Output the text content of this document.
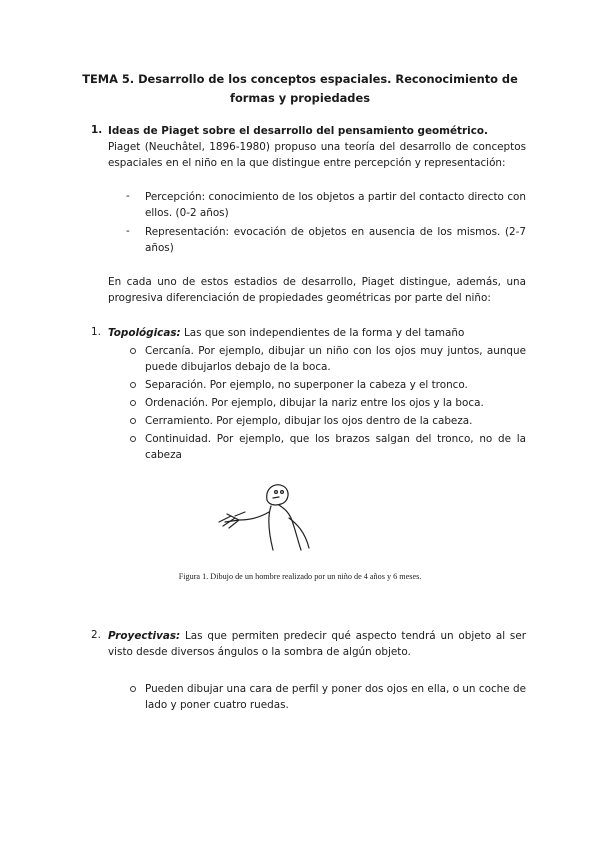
TEMA 5. Desarrollo de los conceptos espaciales. Reconocimiento de formas y propiedades
1. Ideas de Piaget sobre el desarrollo del pensamiento geométrico.
Piaget (Neuchâtel, 1896-1980) propuso una teoría del desarrollo de conceptos espaciales en el niño en la que distingue entre percepción y representación:
- Percepción: conocimiento de los objetos a partir del contacto directo con ellos. (0-2 años)
- Representación: evocación de objetos en ausencia de los mismos. (2-7 años)
En cada uno de estos estadios de desarrollo, Piaget distingue, además, una progresiva diferenciación de propiedades geométricas por parte del niño:
1. Topológicas: Las que son independientes de la forma y del tamaño
Cercanía. Por ejemplo, dibujar un niño con los ojos muy juntos, aunque puede dibujarlos debajo de la boca.
Separación. Por ejemplo, no superponer la cabeza y el tronco.
Ordenación. Por ejemplo, dibujar la nariz entre los ojos y la boca.
Cerramiento. Por ejemplo, dibujar los ojos dentro de la cabeza.
Continuidad. Por ejemplo, que los brazos salgan del tronco, no de la cabeza
Figura 1. Dibujo de un hombre realizado por un niño de 4 años y 6 meses.
2. Proyectivas: Las que permiten predecir qué aspecto tendrá un objeto al ser visto desde diversos ángulos o la sombra de algún objeto.
Pueden dibujar una cara de perfil y poner dos ojos en ella, o un coche de lado y poner cuatro ruedas.
